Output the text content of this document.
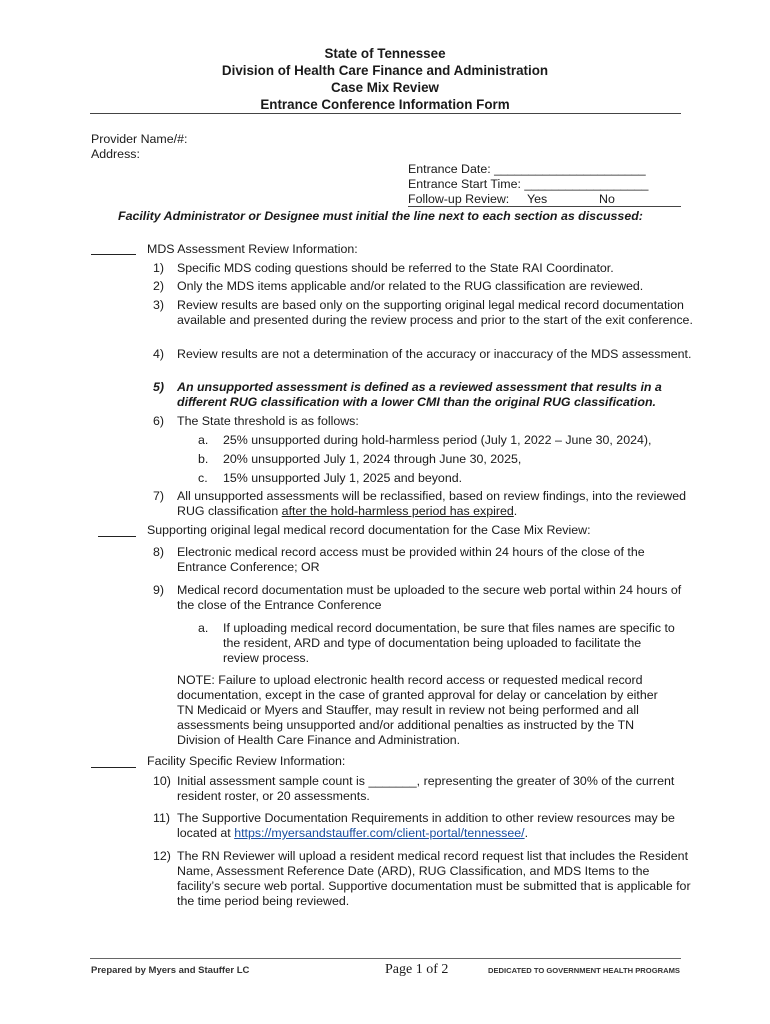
State of Tennessee
Division of Health Care Finance and Administration
Case Mix Review
Entrance Conference Information Form
Provider Name/#:
Address:
Entrance Date: ______________________
Entrance Start Time: __________________
Follow-up Review: Yes	No
Facility Administrator or Designee must initial the line next to each section as discussed:
MDS Assessment Review Information:
1) Specific MDS coding questions should be referred to the State RAI Coordinator.
2) Only the MDS items applicable and/or related to the RUG classification are reviewed.
3) Review results are based only on the supporting original legal medical record documentation available and presented during the review process and prior to the start of the exit conference.
4) Review results are not a determination of the accuracy or inaccuracy of the MDS assessment.
5) An unsupported assessment is defined as a reviewed assessment that results in a different RUG classification with a lower CMI than the original RUG classification.
6) The State threshold is as follows:
a. 25% unsupported during hold-harmless period (July 1, 2022 – June 30, 2024),
b. 20% unsupported July 1, 2024 through June 30, 2025,
c. 15% unsupported July 1, 2025 and beyond.
7) All unsupported assessments will be reclassified, based on review findings, into the reviewed RUG classification after the hold-harmless period has expired.
Supporting original legal medical record documentation for the Case Mix Review:
8) Electronic medical record access must be provided within 24 hours of the close of the Entrance Conference; OR
9) Medical record documentation must be uploaded to the secure web portal within 24 hours of the close of the Entrance Conference
a. If uploading medical record documentation, be sure that files names are specific to the resident, ARD and type of documentation being uploaded to facilitate the review process.
NOTE: Failure to upload electronic health record access or requested medical record documentation, except in the case of granted approval for delay or cancelation by either TN Medicaid or Myers and Stauffer, may result in review not being performed and all assessments being unsupported and/or additional penalties as instructed by the TN Division of Health Care Finance and Administration.
Facility Specific Review Information:
10) Initial assessment sample count is _______, representing the greater of 30% of the current resident roster, or 20 assessments.
11) The Supportive Documentation Requirements in addition to other review resources may be located at https://myersandstauffer.com/client-portal/tennessee/.
12) The RN Reviewer will upload a resident medical record request list that includes the Resident Name, Assessment Reference Date (ARD), RUG Classification, and MDS Items to the facility’s secure web portal. Supportive documentation must be submitted that is applicable for the time period being reviewed.
Prepared by Myers and Stauffer LC	Page 1 of 2	DEDICATED TO GOVERNMENT HEALTH PROGRAMS
